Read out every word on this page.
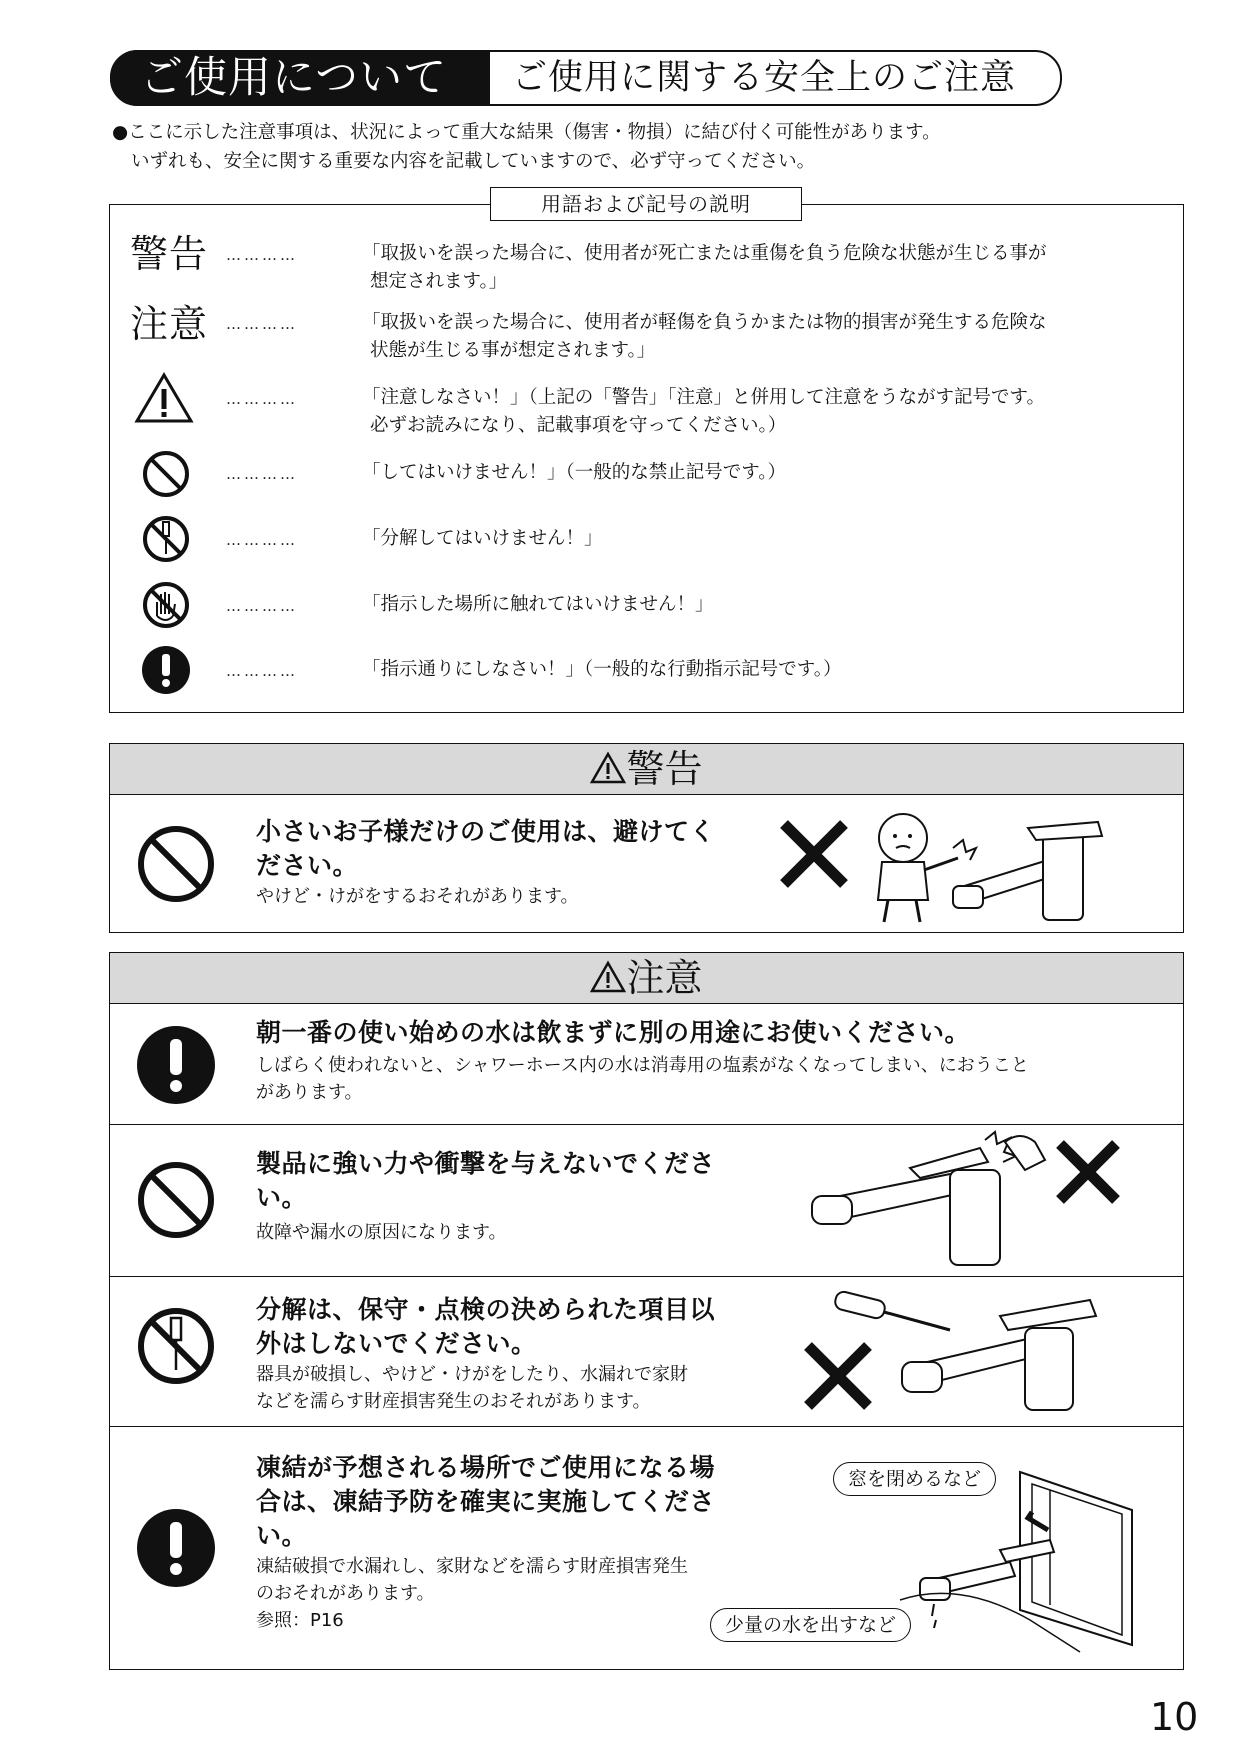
ご使用について ご使用に関する安全上のご注意
●ここに示した注意事項は、状況によって重大な結果（傷害・物損）に結び付く可能性があります。
いずれも、安全に関する重要な内容を記載していますので、必ず守ってください。
用語および記号の説明
警告 …………	「取扱いを誤った場合に、使用者が死亡または重傷を負う危険な状態が生じる事が
想定されます。」
注意 …………	「取扱いを誤った場合に、使用者が軽傷を負うかまたは物的損害が発生する危険な
状態が生じる事が想定されます。」
…………	「注意しなさい！」（上記の「警告」「注意」と併用して注意をうながす記号です。
必ずお読みになり、記載事項を守ってください。）
…………	「してはいけません！」（一般的な禁止記号です。）
…………	「分解してはいけません！」
…………	「指示した場所に触れてはいけません！」
…………	「指示通りにしなさい！」（一般的な行動指示記号です。）
警告
小さいお子様だけのご使用は、避けてく
ださい。
やけど・けがをするおそれがあります。
注意
朝一番の使い始めの水は飲まずに別の用途にお使いください。
しばらく使われないと、シャワーホース内の水は消毒用の塩素がなくなってしまい、におうこと
があります。
製品に強い力や衝撃を与えないでくださ
い。
故障や漏水の原因になります。
分解は、保守・点検の決められた項目以
外はしないでください。
器具が破損し、やけど・けがをしたり、水漏れで家財
などを濡らす財産損害発生のおそれがあります。
凍結が予想される場所でご使用になる場
合は、凍結予防を確実に実施してくださ
い。
凍結破損で水漏れし、家財などを濡らす財産損害発生
のおそれがあります。
参照：P16
窓を閉めるなど
少量の水を出すなど
10
